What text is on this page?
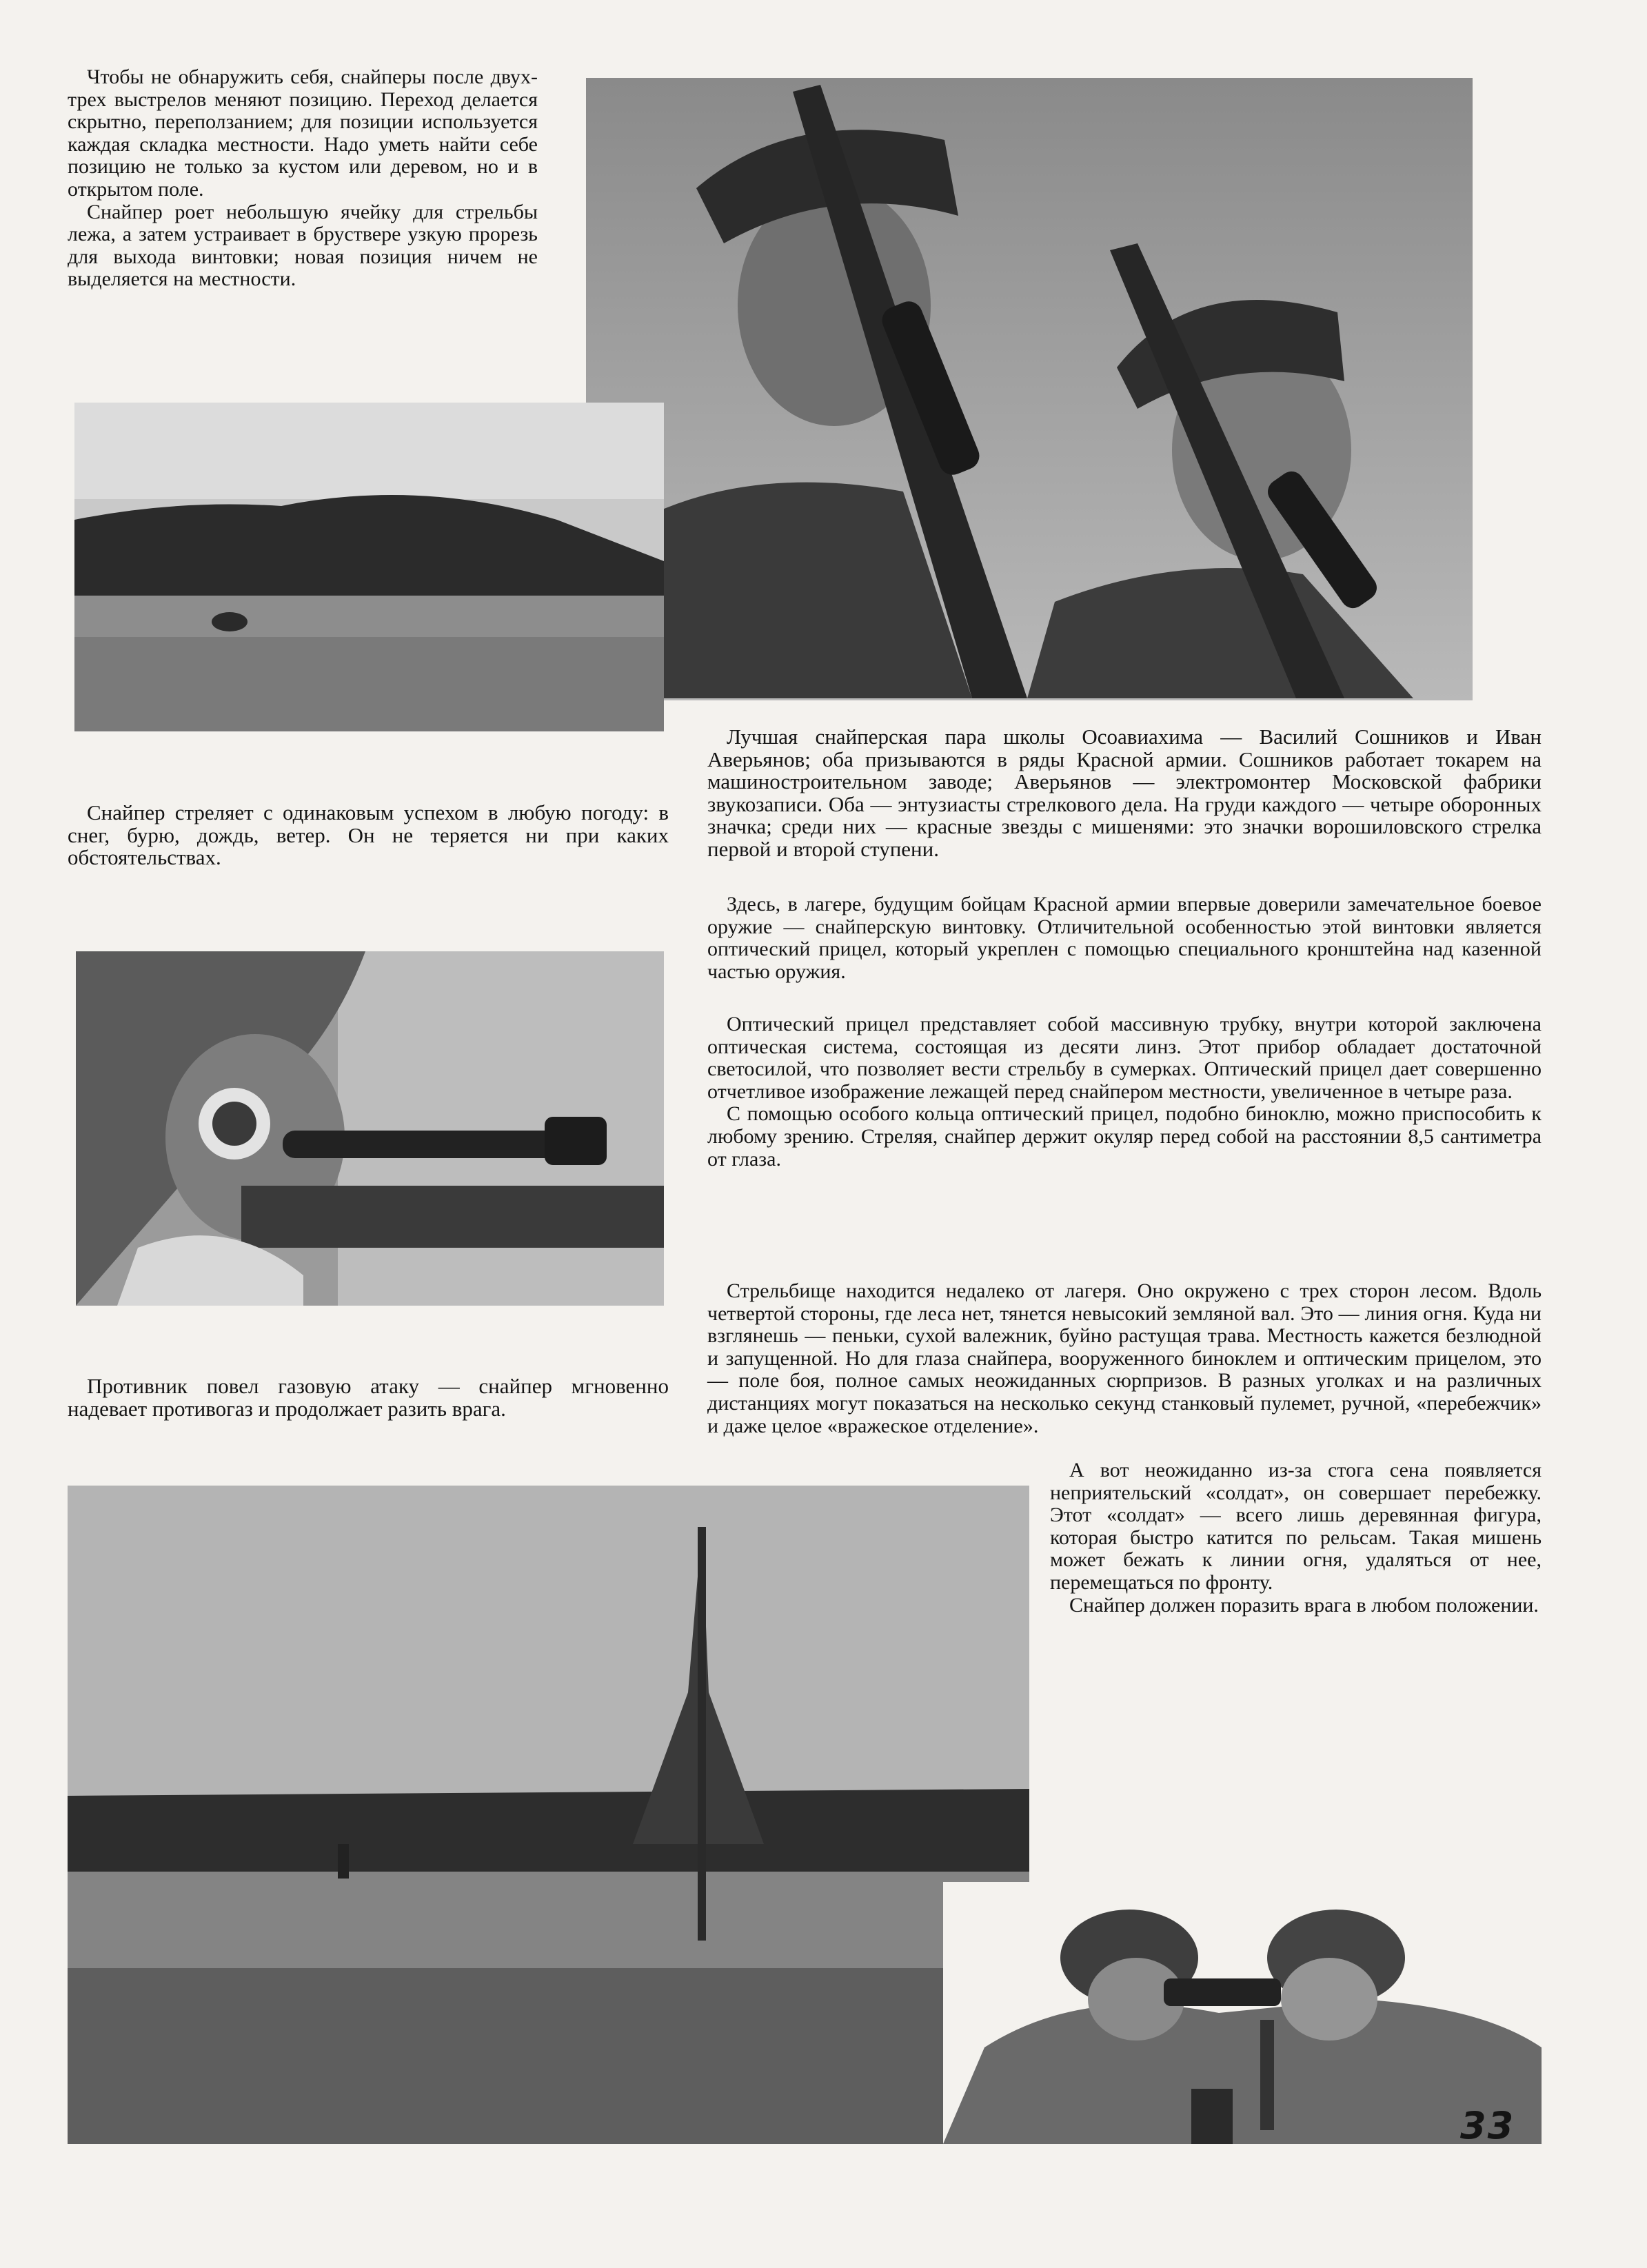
Чтобы не обнаружить себя, снайперы после двух-трех выстрелов меняют позицию. Переход делается скрытно, переползанием; для позиции используется каждая складка местности. Надо уметь найти себе позицию не только за кустом или деревом, но и в открытом поле.

Снайпер роет небольшую ячейку для стрельбы лежа, а затем устраивает в брустверe узкую прорезь для выхода винтовки; новая позиция ничем не выделяется на местности.

Лучшая снайперская пара школы Осоавиахима — Василий Сошников и Иван Аверьянов; оба призываются в ряды Красной армии. Сошников работает токарем на машиностроительном заводе; Аверьянов — электромонтер Московской фабрики звукозаписи. Оба — энтузиасты стрелкового дела. На груди каждого — четыре оборонных значка; среди них — красные звезды с мишенями: это значки ворошиловского стрелка первой и второй ступени.
Снайпер стреляет с одинаковым успехом в любую погоду: в снег, бурю, дождь, ветер. Он не теряется ни при каких обстоятельствах.

Здесь, в лагере, будущим бойцам Красной армии впервые доверили замечательное боевое оружие — снайперскую винтовку. Отличительной особенностью этой винтовки является оптический прицел, который укреплен с помощью специального кронштейна над казенной частью оружия.

Оптический прицел представляет собой массивную трубку, внутри которой заключена оптическая система, состоящая из десяти линз. Этот прибор обладает достаточной светосилой, что позволяет вести стрельбу в сумерках. Оптический прицел дает совершенно отчетливое изображение лежащей перед снайпером местности, увеличенное в четыре раза.

С помощью особого кольца оптический прицел, подобно биноклю, можно приспособить к любому зрению. Стреляя, снайпер держит окуляр перед собой на расстоянии 8,5 сантиметра от глаза.

Стрельбище находится недалеко от лагеря. Оно окружено с трех сторон лесом. Вдоль четвертой стороны, где леса нет, тянется невысокий земляной вал. Это — линия огня. Куда ни взглянешь — пеньки, сухой валежник, буйно растущая трава. Местность кажется безлюдной и запущенной. Но для глаза снайпера, вооруженного биноклем и оптическим прицелом, это — поле боя, полное самых неожиданных сюрпризов. В разных уголках и на различных дистанциях могут показаться на несколько секунд станковый пулемет, ручной, «перебежчик» и даже целое «вражеское отделение».

Противник повел газовую атаку — снайпер мгновенно надевает противогаз и продолжает разить врага.

А вот неожиданно из-за стога сена появляется неприятельский «солдат», он совершает перебежку. Этот «солдат» — всего лишь деревянная фигура, которая быстро катится по рельсам. Такая мишень может бежать к линии огня, удаляться от нее, перемещаться по фронту.

Снайпер должен поразить врага в любом положении.

33
